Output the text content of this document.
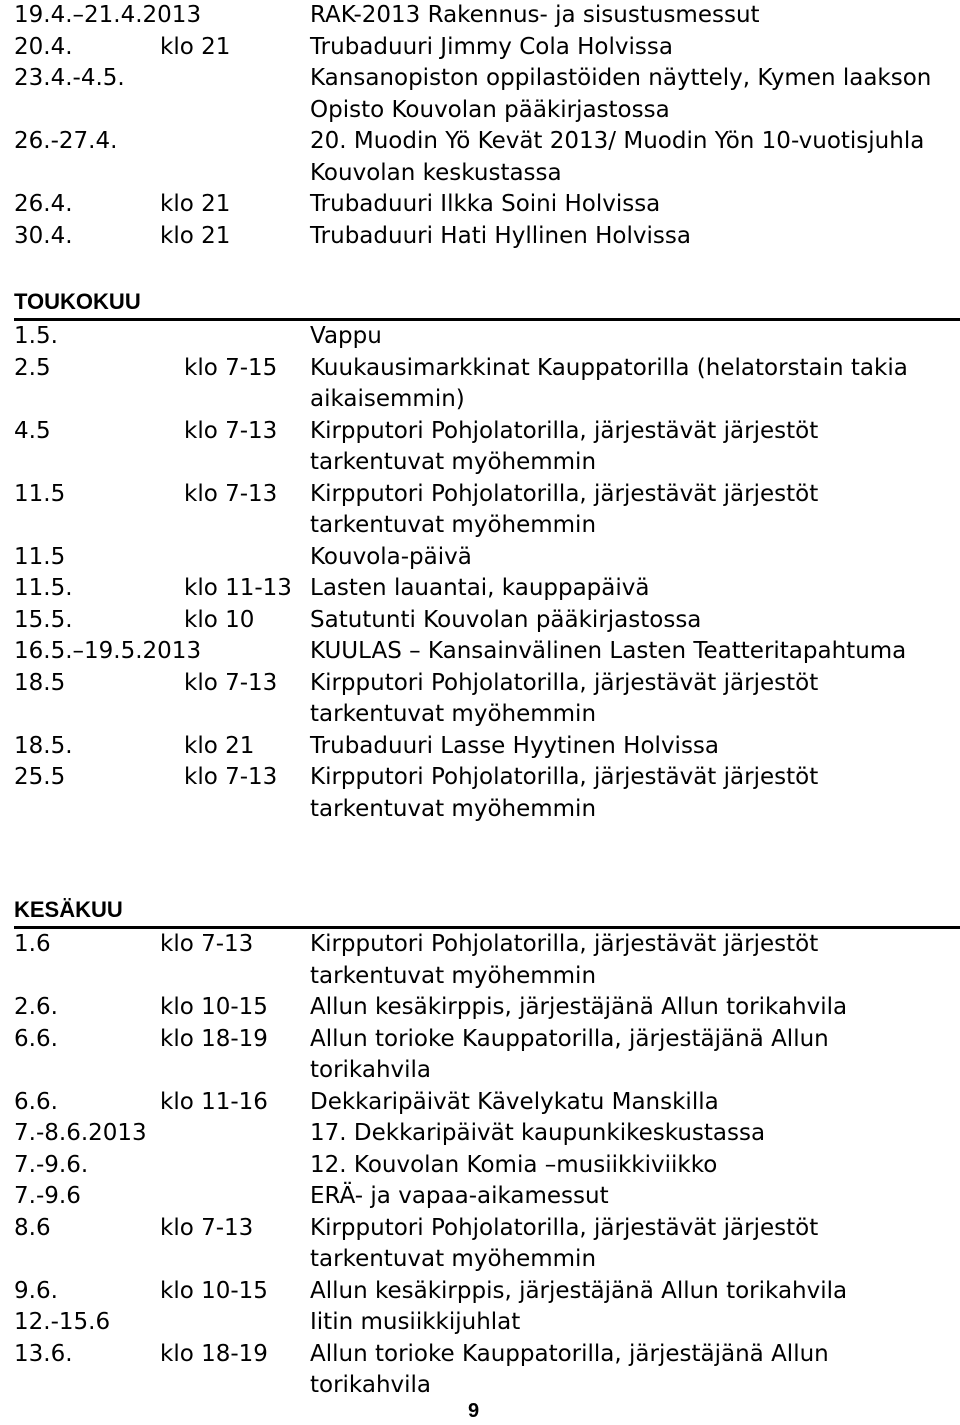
19.4.–21.4.2013	RAK-2013 Rakennus- ja sisustusmessut
20.4.	klo 21	Trubaduuri Jimmy Cola Holvissa
23.4.-4.5.	Kansanopiston oppilastöiden näyttely, Kymen laakson Opisto Kouvolan pääkirjastossa
26.-27.4.	20. Muodin Yö Kevät 2013/ Muodin Yön 10-vuotisjuhla Kouvolan keskustassa
26.4.	klo 21	Trubaduuri Ilkka Soini Holvissa
30.4.	klo 21	Trubaduuri Hati Hyllinen Holvissa
TOUKOKUU
1.5.	Vappu
2.5	klo 7-15 Kuukausimarkkinat Kauppatorilla (helatorstain takia aikaisemmin)
4.5	klo 7-13 Kirpputori Pohjolatorilla, järjestävät järjestöt tarkentuvat myöhemmin
11.5	klo 7-13 Kirpputori Pohjolatorilla, järjestävät järjestöt tarkentuvat myöhemmin
11.5	Kouvola-päivä
11.5.	klo 11-13 Lasten lauantai, kauppapäivä
15.5.	klo 10 Satutunti Kouvolan pääkirjastossa
16.5.–19.5.2013	KUULAS – Kansainvälinen Lasten Teatteritapahtuma
18.5	klo 7-13 Kirpputori Pohjolatorilla, järjestävät järjestöt tarkentuvat myöhemmin
18.5.	klo 21 Trubaduuri Lasse Hyytinen Holvissa
25.5	klo 7-13 Kirpputori Pohjolatorilla, järjestävät järjestöt tarkentuvat myöhemmin
KESÄKUU
1.6	klo 7-13 Kirpputori Pohjolatorilla, järjestävät järjestöt tarkentuvat myöhemmin
2.6.	klo 10-15 Allun kesäkirppis, järjestäjänä Allun torikahvila
6.6.	klo 18-19 Allun torioke Kauppatorilla, järjestäjänä Allun torikahvila
6.6.	klo 11-16 Dekkaripäivät Kävelykatu Manskilla
7.-8.6.2013	17. Dekkaripäivät kaupunkikeskustassa
7.-9.6.	12. Kouvolan Komia –musiikkiviikko
7.-9.6	ERÄ- ja vapaa-aikamessut
8.6	klo 7-13 Kirpputori Pohjolatorilla, järjestävät järjestöt tarkentuvat myöhemmin
9.6.	klo 10-15 Allun kesäkirppis, järjestäjänä Allun torikahvila
12.-15.6	Iitin musiikkijuhlat
13.6.	klo 18-19 Allun torioke Kauppatorilla, järjestäjänä Allun torikahvila
9
